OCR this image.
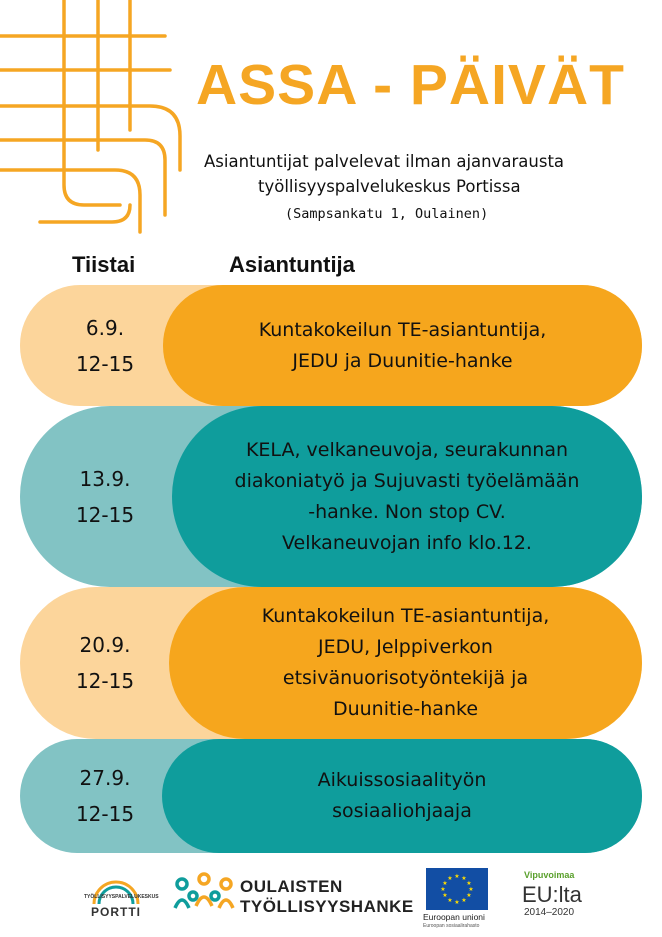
ASSA - PÄIVÄT
Asiantuntijat palvelevat ilman ajanvarausta
työllisyyspalvelukeskus Portissa
(Sampsankatu 1, Oulainen)
Tiistai	Asiantuntija
6.9.
12-15
Kuntakokeilun TE-asiantuntija,
JEDU ja Duunitie-hanke
13.9.
12-15
KELA, velkaneuvoja, seurakunnan
diakoniatyö ja Sujuvasti työelämään
-hanke. Non stop CV.
Velkaneuvojan info klo.12.
20.9.
12-15
Kuntakokeilun TE-asiantuntija,
JEDU, Jelppiverkon
etsivänuorisotyöntekijä ja
Duunitie-hanke
27.9.
12-15
Aikuissosiaalityön
sosiaaliohjaaja
TYÖLLISYYSPALVELUKESKUS
PORTTI
OULAISTEN
TYÖLLISYYSHANKE
★ ★
★
★
★
★
★
★
★
★
★
★
Euroopan unioni
Euroopan sosiaalirahasto
Vipuvoimaa
EU:lta
2014–2020
